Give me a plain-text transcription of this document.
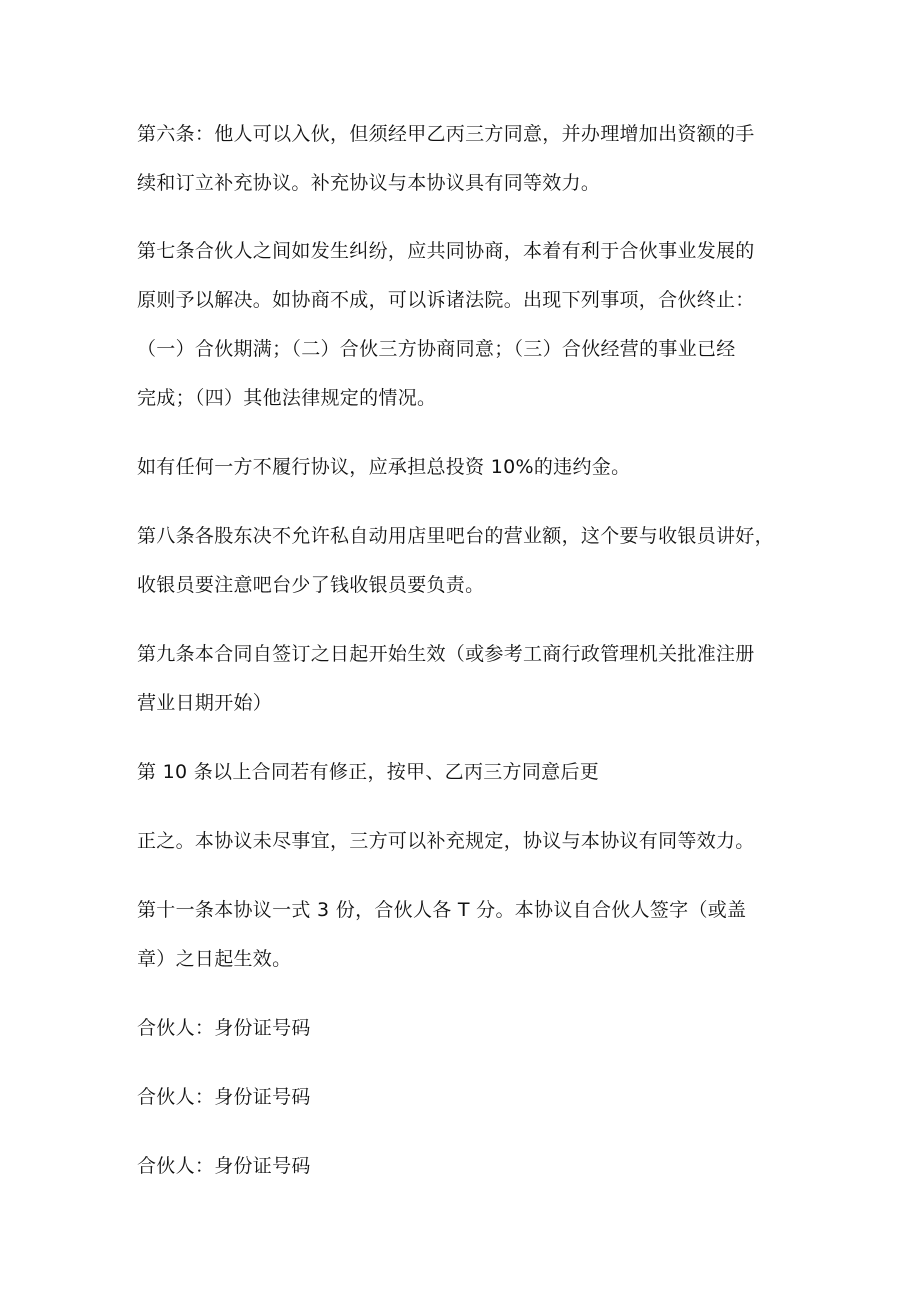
第六条：他人可以入伙，但须经甲乙丙三方同意，并办理增加出资额的手

续和订立补充协议。补充协议与本协议具有同等效力。

第七条合伙人之间如发生纠纷，应共同协商，本着有利于合伙事业发展的

原则予以解决。如协商不成，可以诉诸法院。出现下列事项，合伙终止：

（一）合伙期满；（二）合伙三方协商同意；（三）合伙经营的事业已经

完成；（四）其他法律规定的情况。

如有任何一方不履行协议，应承担总投资 10%的违约金。

第八条各股东决不允许私自动用店里吧台的营业额，这个要与收银员讲好，

收银员要注意吧台少了钱收银员要负责。

第九条本合同自签订之日起开始生效（或参考工商行政管理机关批准注册

营业日期开始）

第 10 条以上合同若有修正，按甲、乙丙三方同意后更

正之。本协议未尽事宜，三方可以补充规定，协议与本协议有同等效力。

第十一条本协议一式 3 份，合伙人各 T 分。本协议自合伙人签字（或盖

章）之日起生效。

合伙人：身份证号码

合伙人：身份证号码

合伙人：身份证号码
